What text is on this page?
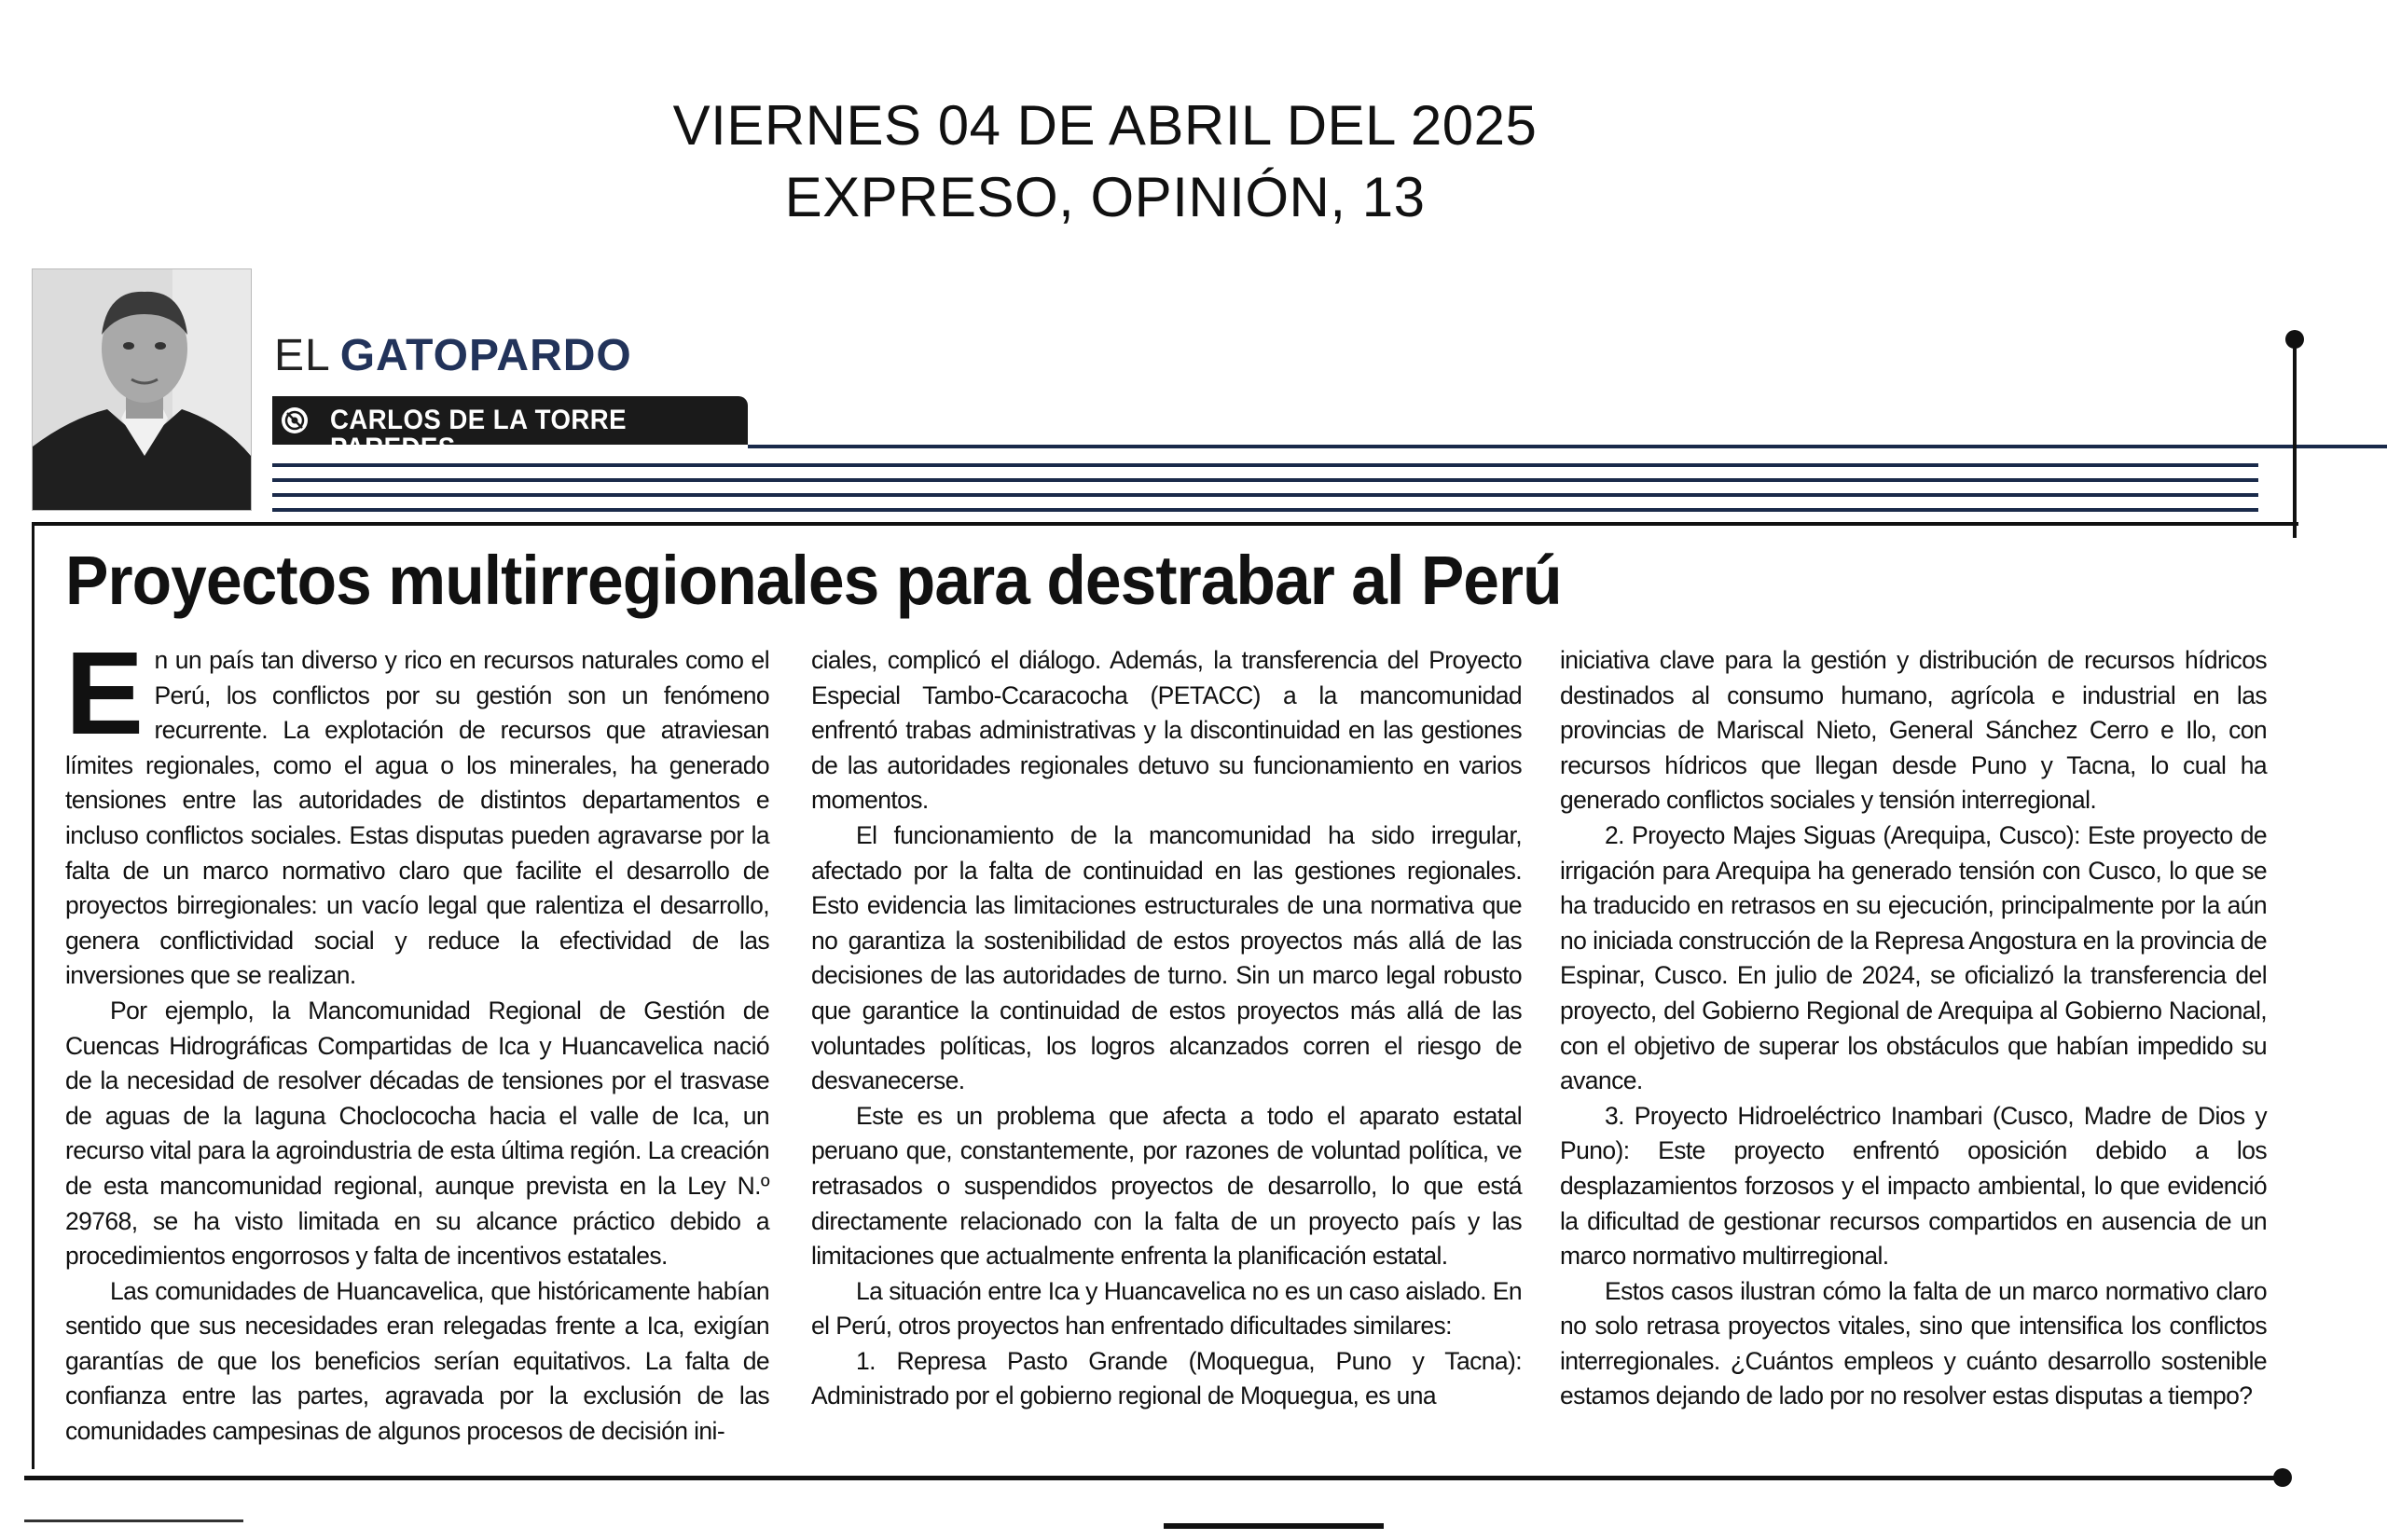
VIERNES 04 DE ABRIL DEL 2025
EXPRESO, OPINIÓN, 13
EL GATOPARDO
CARLOS DE LA TORRE PAREDES
Proyectos multirregionales para destrabar al Perú

En un país tan diverso y rico en recursos naturales como el Perú, los conflictos por su gestión son un fenómeno recurrente. La explotación de recursos que atraviesan límites regionales, como el agua o los minerales, ha generado tensiones entre las autoridades de distintos departamentos e incluso conflictos sociales. Estas disputas pueden agravarse por la falta de un marco normativo claro que facilite el desarrollo de proyectos birregionales: un vacío legal que ralentiza el desarrollo, genera conflictividad social y reduce la efectividad de las inversiones que se realizan.

Por ejemplo, la Mancomunidad Regional de Gestión de Cuencas Hidrográficas Compartidas de Ica y Huancavelica nació de la necesidad de resolver décadas de tensiones por el trasvase de aguas de la laguna Choclococha hacia el valle de Ica, un recurso vital para la agroindustria de esta última región. La creación de esta mancomunidad regional, aunque prevista en la Ley N.º 29768, se ha visto limitada en su alcance práctico debido a procedimientos engorrosos y falta de incentivos estatales.

Las comunidades de Huancavelica, que históricamente habían sentido que sus necesidades eran relegadas frente a Ica, exigían garantías de que los beneficios serían equitativos. La falta de confianza entre las partes, agravada por la exclusión de las comunidades campesinas de algunos procesos de decisión ini-

ciales, complicó el diálogo. Además, la transferencia del Proyecto Especial Tambo-Ccaracocha (PETACC) a la mancomunidad enfrentó trabas administrativas y la discontinuidad en las gestiones de las autoridades regionales detuvo su funcionamiento en varios momentos.

El funcionamiento de la mancomunidad ha sido irregular, afectado por la falta de continuidad en las gestiones regionales. Esto evidencia las limitaciones estructurales de una normativa que no garantiza la sostenibilidad de estos proyectos más allá de las decisiones de las autoridades de turno. Sin un marco legal robusto que garantice la continuidad de estos proyectos más allá de las voluntades políticas, los logros alcanzados corren el riesgo de desvanecerse.

Este es un problema que afecta a todo el aparato estatal peruano que, constantemente, por razones de voluntad política, ve retrasados o suspendidos proyectos de desarrollo, lo que está directamente relacionado con la falta de un proyecto país y las limitaciones que actualmente enfrenta la planificación estatal.

La situación entre Ica y Huancavelica no es un caso aislado. En el Perú, otros proyectos han enfrentado dificultades similares:

1. Represa Pasto Grande (Moquegua, Puno y Tacna): Administrado por el gobierno regional de Moquegua, es una

iniciativa clave para la gestión y distribución de recursos hídricos destinados al consumo humano, agrícola e industrial en las provincias de Mariscal Nieto, General Sánchez Cerro e Ilo, con recursos hídricos que llegan desde Puno y Tacna, lo cual ha generado conflictos sociales y tensión interregional.

2. Proyecto Majes Siguas (Arequipa, Cusco): Este proyecto de irrigación para Arequipa ha generado tensión con Cusco, lo que se ha traducido en retrasos en su ejecución, principalmente por la aún no iniciada construcción de la Represa Angostura en la provincia de Espinar, Cusco. En julio de 2024, se oficializó la transferencia del proyecto, del Gobierno Regional de Arequipa al Gobierno Nacional, con el objetivo de superar los obstáculos que habían impedido su avance.

3. Proyecto Hidroeléctrico Inambari (Cusco, Madre de Dios y Puno): Este proyecto enfrentó oposición debido a los desplazamientos forzosos y el impacto ambiental, lo que evidenció la dificultad de gestionar recursos compartidos en ausencia de un marco normativo multirregional.

Estos casos ilustran cómo la falta de un marco normativo claro no solo retrasa proyectos vitales, sino que intensifica los conflictos interregionales. ¿Cuántos empleos y cuánto desarrollo sostenible estamos dejando de lado por no resolver estas disputas a tiempo?
